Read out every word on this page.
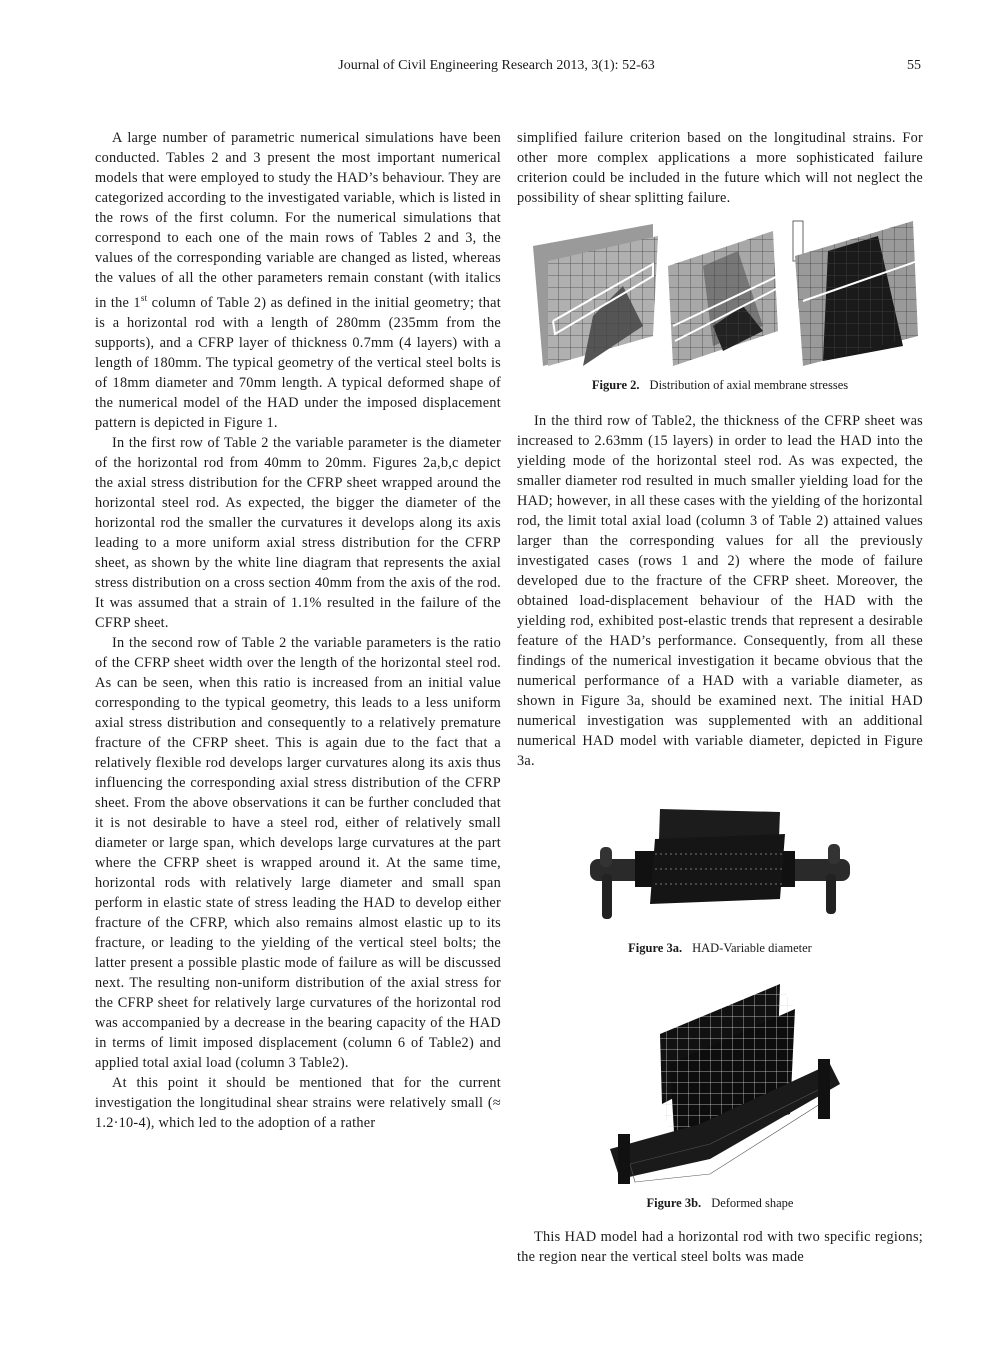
Journal of Civil Engineering Research 2013, 3(1): 52-63	55

A large number of parametric numerical simulations have been conducted. Tables 2 and 3 present the most important numerical models that were employed to study the HAD’s behaviour. They are categorized according to the investigated variable, which is listed in the rows of the first column. For the numerical simulations that correspond to each one of the main rows of Tables 2 and 3, the values of the corresponding variable are changed as listed, whereas the values of all the other parameters remain constant (with italics in the 1st column of Table 2) as defined in the initial geometry; that is a horizontal rod with a length of 280mm (235mm from the supports), and a CFRP layer of thickness 0.7mm (4 layers) with a length of 180mm. The typical geometry of the vertical steel bolts is of 18mm diameter and 70mm length. A typical deformed shape of the numerical model of the HAD under the imposed displacement pattern is depicted in Figure 1.

In the first row of Table 2 the variable parameter is the diameter of the horizontal rod from 40mm to 20mm. Figures 2a,b,c depict the axial stress distribution for the CFRP sheet wrapped around the horizontal steel rod. As expected, the bigger the diameter of the horizontal rod the smaller the curvatures it develops along its axis leading to a more uniform axial stress distribution for the CFRP sheet, as shown by the white line diagram that represents the axial stress distribution on a cross section 40mm from the axis of the rod. It was assumed that a strain of 1.1% resulted in the failure of the CFRP sheet.

In the second row of Table 2 the variable parameters is the ratio of the CFRP sheet width over the length of the horizontal steel rod. As can be seen, when this ratio is increased from an initial value corresponding to the typical geometry, this leads to a less uniform axial stress distribution and consequently to a relatively premature fracture of the CFRP sheet. This is again due to the fact that a relatively flexible rod develops larger curvatures along its axis thus influencing the corresponding axial stress distribution of the CFRP sheet. From the above observations it can be further concluded that it is not desirable to have a steel rod, either of relatively small diameter or large span, which develops large curvatures at the part where the CFRP sheet is wrapped around it. At the same time, horizontal rods with relatively large diameter and small span perform in elastic state of stress leading the HAD to develop either fracture of the CFRP, which also remains almost elastic up to its fracture, or leading to the yielding of the vertical steel bolts; the latter present a possible plastic mode of failure as will be discussed next. The resulting non-uniform distribution of the axial stress for the CFRP sheet for relatively large curvatures of the horizontal rod was accompanied by a decrease in the bearing capacity of the HAD in terms of limit imposed displacement (column 6 of Table2) and applied total axial load (column 3 Table2).

At this point it should be mentioned that for the current investigation the longitudinal shear strains were relatively small (≈ 1.2·10-4), which led to the adoption of a rather

simplified failure criterion based on the longitudinal strains. For other more complex applications a more sophisticated failure criterion could be included in the future which will not neglect the possibility of shear splitting failure.

Figure 2. Distribution of axial membrane stresses

In the third row of Table2, the thickness of the CFRP sheet was increased to 2.63mm (15 layers) in order to lead the HAD into the yielding mode of the horizontal steel rod. As was expected, the smaller diameter rod resulted in much smaller yielding load for the HAD; however, in all these cases with the yielding of the horizontal rod, the limit total axial load (column 3 of Table 2) attained values larger than the corresponding values for all the previously investigated cases (rows 1 and 2) where the mode of failure developed due to the fracture of the CFRP sheet. Moreover, the obtained load-displacement behaviour of the HAD with the yielding rod, exhibited post-elastic trends that represent a desirable feature of the HAD’s performance. Consequently, from all these findings of the numerical investigation it became obvious that the numerical performance of a HAD with a variable diameter, as shown in Figure 3a, should be examined next. The initial HAD numerical investigation was supplemented with an additional numerical HAD model with variable diameter, depicted in Figure 3a.

Figure 3a. HAD-Variable diameter
Figure 3b. Deformed shape

This HAD model had a horizontal rod with two specific regions; the region near the vertical steel bolts was made
